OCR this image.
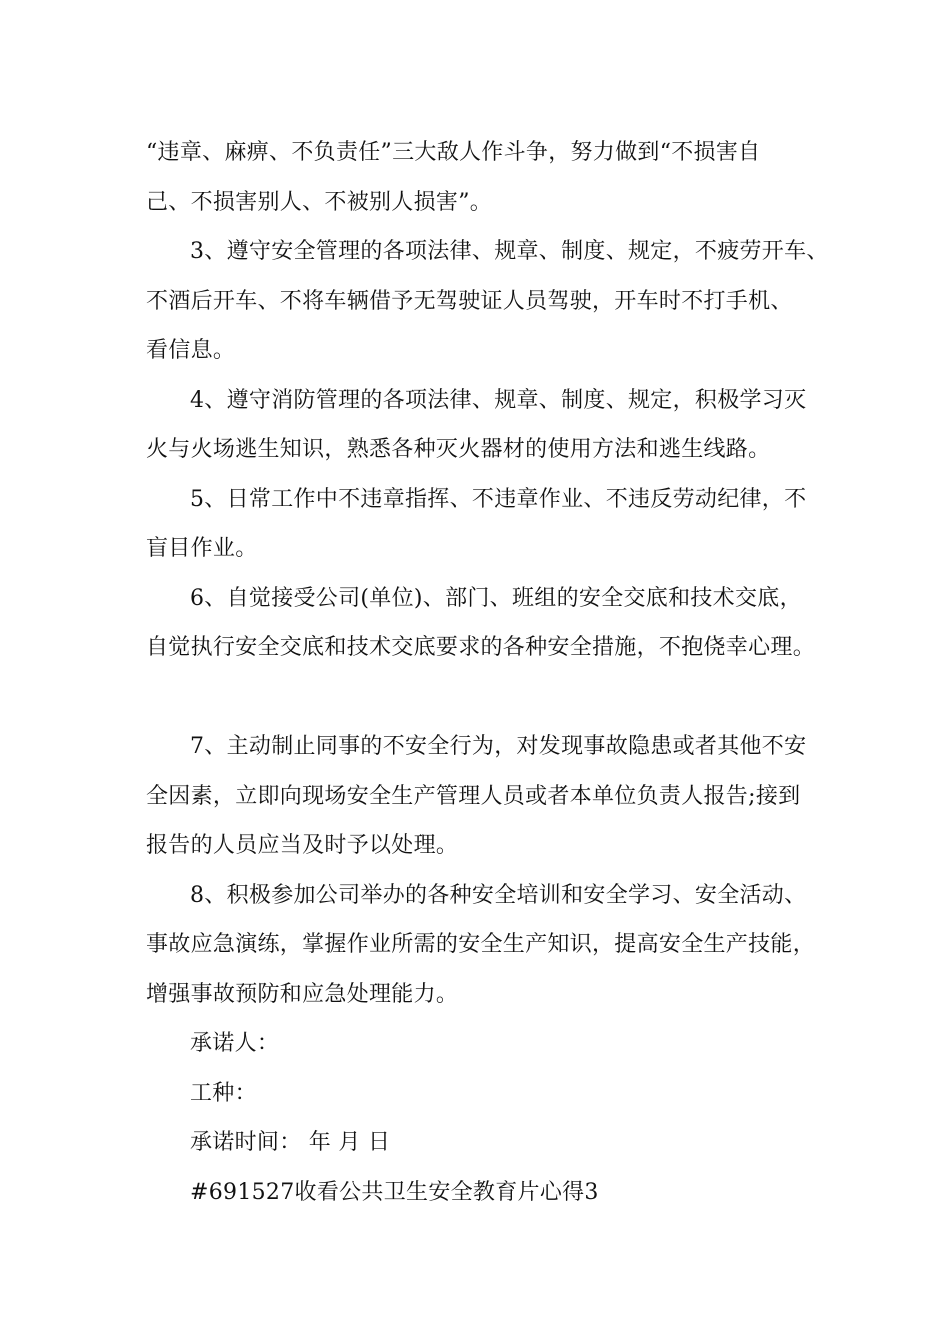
“违章、麻痹、不负责任”三大敌人作斗争，努力做到“不损害自
己、不损害别人、不被别人损害”。
3、遵守安全管理的各项法律、规章、制度、规定，不疲劳开车、
不酒后开车、不将车辆借予无驾驶证人员驾驶，开车时不打手机、
看信息。
4、遵守消防管理的各项法律、规章、制度、规定，积极学习灭
火与火场逃生知识，熟悉各种灭火器材的使用方法和逃生线路。
5、日常工作中不违章指挥、不违章作业、不违反劳动纪律，不
盲目作业。
6、自觉接受公司(单位)、部门、班组的安全交底和技术交底，
自觉执行安全交底和技术交底要求的各种安全措施，不抱侥幸心理。
7、主动制止同事的不安全行为，对发现事故隐患或者其他不安
全因素，立即向现场安全生产管理人员或者本单位负责人报告;接到
报告的人员应当及时予以处理。
8、积极参加公司举办的各种安全培训和安全学习、安全活动、
事故应急演练，掌握作业所需的安全生产知识，提高安全生产技能，
增强事故预防和应急处理能力。
承诺人：
工种：
承诺时间： 年 月 日
#691527收看公共卫生安全教育片心得3
